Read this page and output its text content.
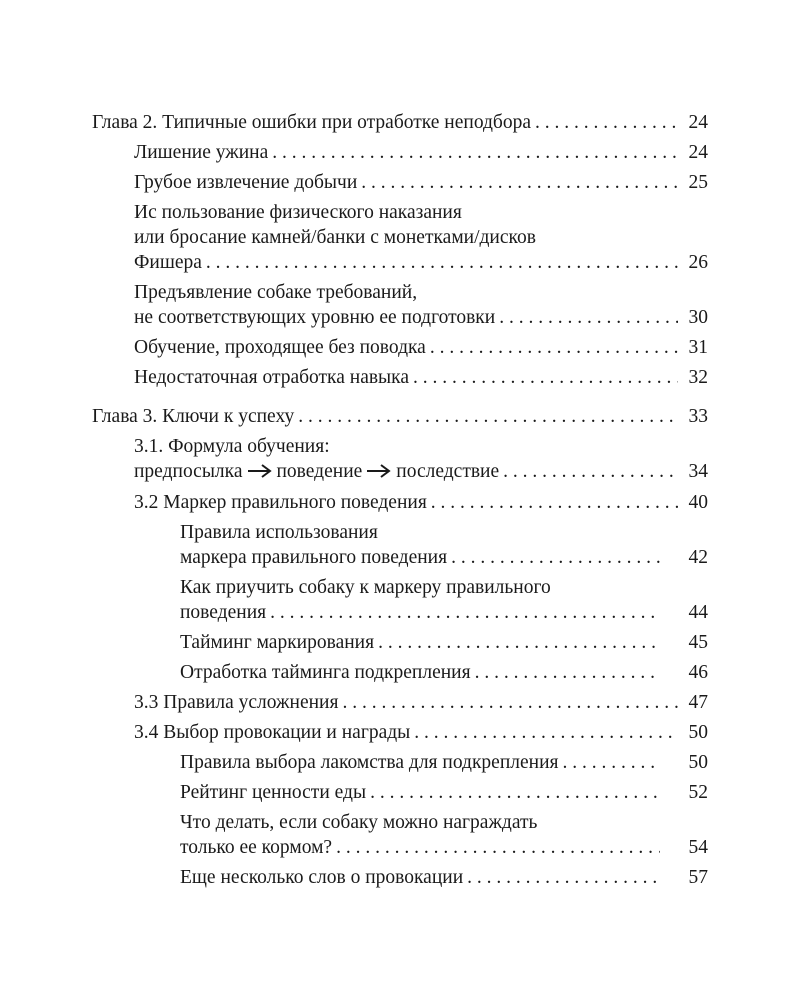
Глава 2. Типичные ошибки при отработке неподбора . . .	24
Лишение ужина . . .	24
Грубое извлечение добычи . . .	25
Ис пользование физического наказания
или бросание камней/банки с монетками/дисков
Фишера . . .	26
Предъявление собаке требований,
не соответствующих уровню ее подготовки . . .	30
Обучение, проходящее без поводка . . .	31
Недостаточная отработка навыка . . .	32
Глава 3. Ключи к успеху . . .	33
3.1. Формула обучения:
предпосылка поведение последствие . . .	34
3.2 Маркер правильного поведения . . .	40
Правила использования
маркера правильного поведения . . .	42
Как приучить собаку к маркеру правильного
поведения . . .	44
Тайминг маркирования . . .	45
Отработка тайминга подкрепления . . .	46
3.3 Правила усложнения . . .	47
3.4 Выбор провокации и награды . . .	50
Правила выбора лакомства для подкрепления . . .	50
Рейтинг ценности еды . . .	52
Что делать, если собаку можно награждать
только ее кормом? . . .	54
Еще несколько слов о провокации . . .	57
